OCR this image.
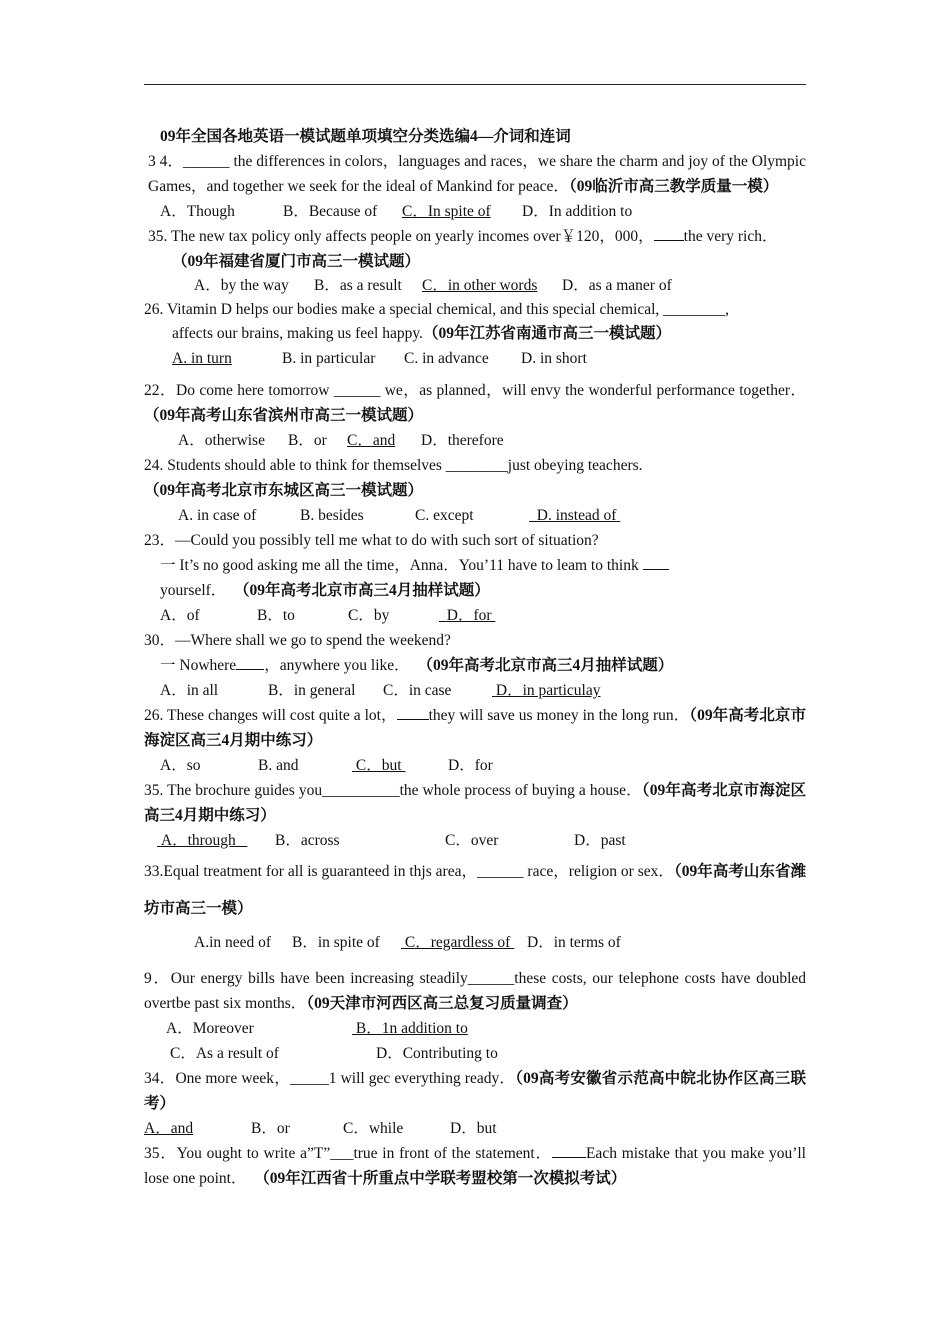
09年全国各地英语一模试题单项填空分类选编4—介词和连词

3 4．______ the differences in colors，languages and races，we share the charm and joy of the Olympic Games，and together we seek for the ideal of Mankind for peace．（09临沂市高三教学质量一模）

A．Though	B．Because of C．In spite of D．In addition to

35. The new tax policy only affects people on yearly incomes over￥120，000， the very rich．

（09年福建省厦门市高三一模试题）

A．by the way B．as a result C．in other words D．as a maner of

26. Vitamin D helps our bodies make a special chemical, and this special chemical, ________,

affects our brains, making us feel happy.（09年江苏省南通市高三一模试题）

A. in turn	B. in particular C. in advance D. in short

22．Do come here tomorrow ______ we，as planned，will envy the wonderful performance together．（09年高考山东省滨州市高三一模试题）

A．otherwise B．or C．and D．therefore

24. Students should able to think for themselves ________just obeying teachers.

（09年高考北京市东城区高三一模试题）

A. in case of	B. besides	C. except	D. instead of

23．—Could you possibly tell me what to do with such sort of situation?

一 It’s no good asking me all the time，Anna．You’11 have to leam to think

yourself． （09年高考北京市高三4月抽样试题）

A．of	B．to	C．by	D．for

30．—Where shall we go to spend the weekend?

一 Nowhere ，anywhere you like． （09年高考北京市高三4月抽样试题）

A．in all	B．in general C．in case	D．in particulay

26. These changes will cost quite a lot， they will save us money in the long run．（09年高考北京市海淀区高三4月期中练习）

A．so	B. and	C．but	D．for

35. The brochure guides you__________the whole process of buying a house．（09年高考北京市海淀区高三4月期中练习）

A．through	B．across	C．over	D．past

33.Equal treatment for all is guaranteed in thjs area，______ race，religion or sex．（09年高考山东省潍坊市高三一模）

A.in need of B．in spite of C．regardless of D．in terms of

9．Our energy bills have been increasing steadily______these costs, our telephone costs have doubled overtbe past six months．（09天津市河西区高三总复习质量调查）

A．Moreover	B．1n addition to

C．As a result of	D．Contributing to

34．One more week，_____1 will gec everything ready．（09高考安徽省示范高中皖北协作区高三联考）

A．and	B．or	C．while	D．but

35．You ought to write a”T”___true in front of the statement． Each mistake that you make you’ll lose one point． （09年江西省十所重点中学联考盟校第一次模拟考试）
